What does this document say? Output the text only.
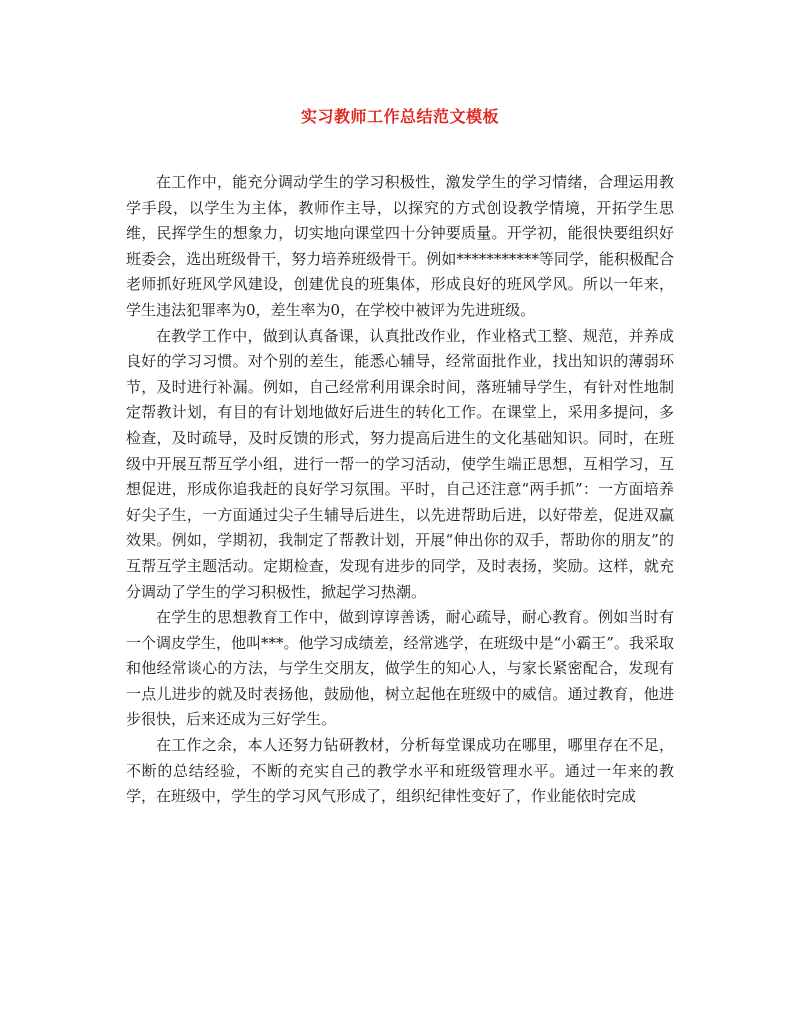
实习教师工作总结范文模板

在工作中，能充分调动学生的学习积极性，激发学生的学习情绪，合理运用教学手段，以学生为主体，教师作主导，以探究的方式创设教学情境，开拓学生思维，民挥学生的想象力，切实地向课堂四十分钟要质量。开学初，能很快要组织好班委会，选出班级骨干，努力培养班级骨干。例如***********等同学，能积极配合老师抓好班风学风建设，创建优良的班集体，形成良好的班风学风。所以一年来，学生违法犯罪率为0，差生率为0，在学校中被评为先进班级。

在教学工作中，做到认真备课，认真批改作业，作业格式工整、规范，并养成良好的学习习惯。对个别的差生，能悉心辅导，经常面批作业，找出知识的薄弱环节，及时进行补漏。例如，自己经常利用课余时间，落班辅导学生，有针对性地制定帮教计划，有目的有计划地做好后进生的转化工作。在课堂上，采用多提问，多检查，及时疏导，及时反馈的形式，努力提高后进生的文化基础知识。同时，在班级中开展互帮互学小组，进行一帮一的学习活动，使学生端正思想，互相学习，互想促进，形成你追我赶的良好学习氛围。平时，自己还注意“两手抓”：一方面培养好尖子生，一方面通过尖子生辅导后进生，以先进帮助后进，以好带差，促进双赢效果。例如，学期初，我制定了帮教计划，开展“伸出你的双手，帮助你的朋友”的互帮互学主题活动。定期检查，发现有进步的同学，及时表扬，奖励。这样，就充分调动了学生的学习积极性，掀起学习热潮。

在学生的思想教育工作中，做到谆谆善诱，耐心疏导，耐心教育。例如当时有一个调皮学生，他叫***。他学习成绩差，经常逃学，在班级中是“小霸王”。我采取和他经常谈心的方法，与学生交朋友，做学生的知心人，与家长紧密配合，发现有一点儿进步的就及时表扬他，鼓励他，树立起他在班级中的威信。通过教育，他进步很快，后来还成为三好学生。

在工作之余，本人还努力钻研教材，分析每堂课成功在哪里，哪里存在不足，不断的总结经验，不断的充实自己的教学水平和班级管理水平。通过一年来的教学，在班级中，学生的学习风气形成了，组织纪律性变好了，作业能依时完成
